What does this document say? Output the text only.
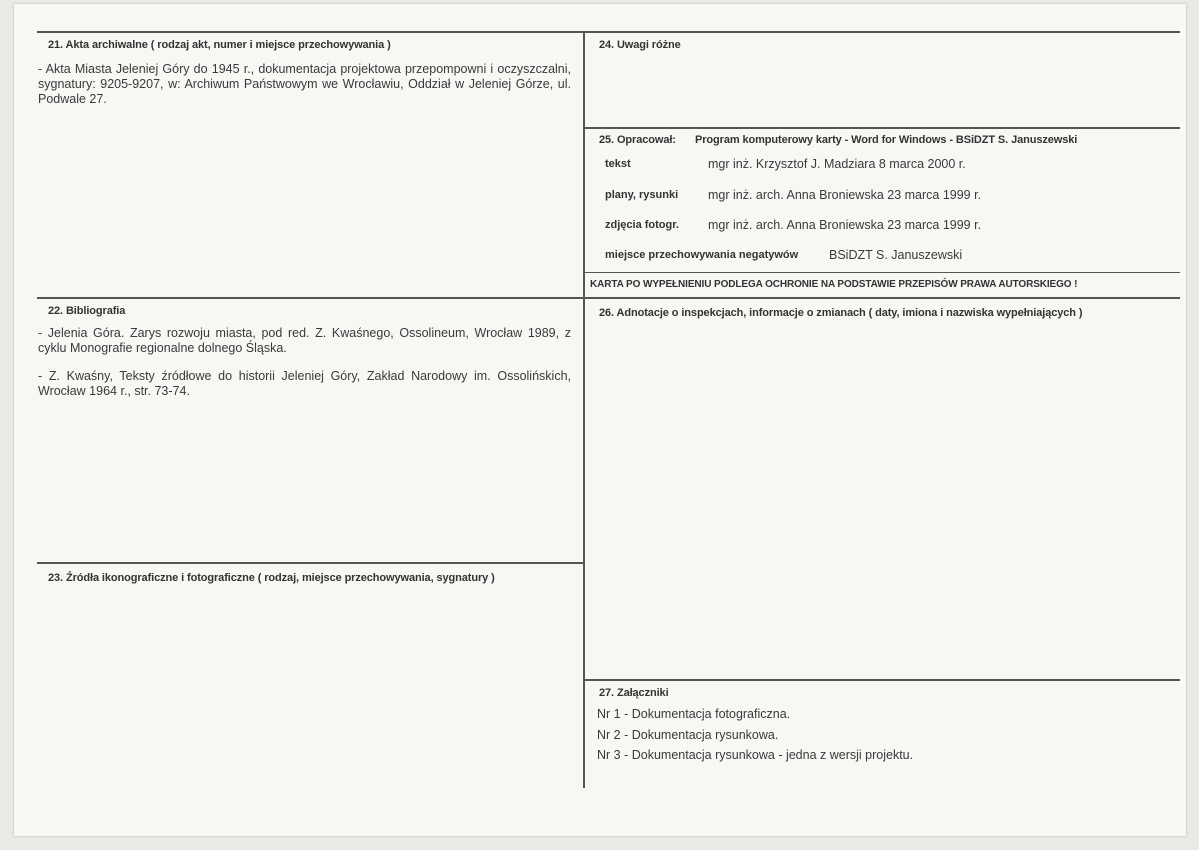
21. Akta archiwalne ( rodzaj akt, numer i miejsce przechowywania )
- Akta Miasta Jeleniej Góry do 1945 r., dokumentacja projektowa przepompowni i oczyszczalni, sygnatury: 9205-9207, w: Archiwum Państwowym we Wrocławiu, Oddział w Jeleniej Górze, ul. Podwale 27.
22. Bibliografia
- Jelenia Góra. Zarys rozwoju miasta, pod red. Z. Kwaśnego, Ossolineum, Wrocław 1989, z cyklu Monografie regionalne dolnego Śląska.
- Z. Kwaśny, Teksty źródłowe do historii Jeleniej Góry, Zakład Narodowy im. Ossolińskich, Wrocław 1964 r., str. 73-74.
23. Źródła ikonograficzne i fotograficzne ( rodzaj, miejsce przechowywania, sygnatury )
24. Uwagi różne
25. Opracował: Program komputerowy karty - Word for Windows - BSiDZT S. Januszewski
tekst	mgr inż. Krzysztof J. Madziara 8 marca 2000 r.
plany, rysunki mgr inż. arch. Anna Broniewska 23 marca 1999 r.
zdjęcia fotogr. mgr inż. arch. Anna Broniewska 23 marca 1999 r.
miejsce przechowywania negatywów BSiDZT S. Januszewski
KARTA PO WYPEŁNIENIU PODLEGA OCHRONIE NA PODSTAWIE PRZEPISÓW PRAWA AUTORSKIEGO !
26. Adnotacje o inspekcjach, informacje o zmianach ( daty, imiona i nazwiska wypełniających )
27. Załączniki
Nr 1 - Dokumentacja fotograficzna.
Nr 2 - Dokumentacja rysunkowa.
Nr 3 - Dokumentacja rysunkowa - jedna z wersji projektu.
